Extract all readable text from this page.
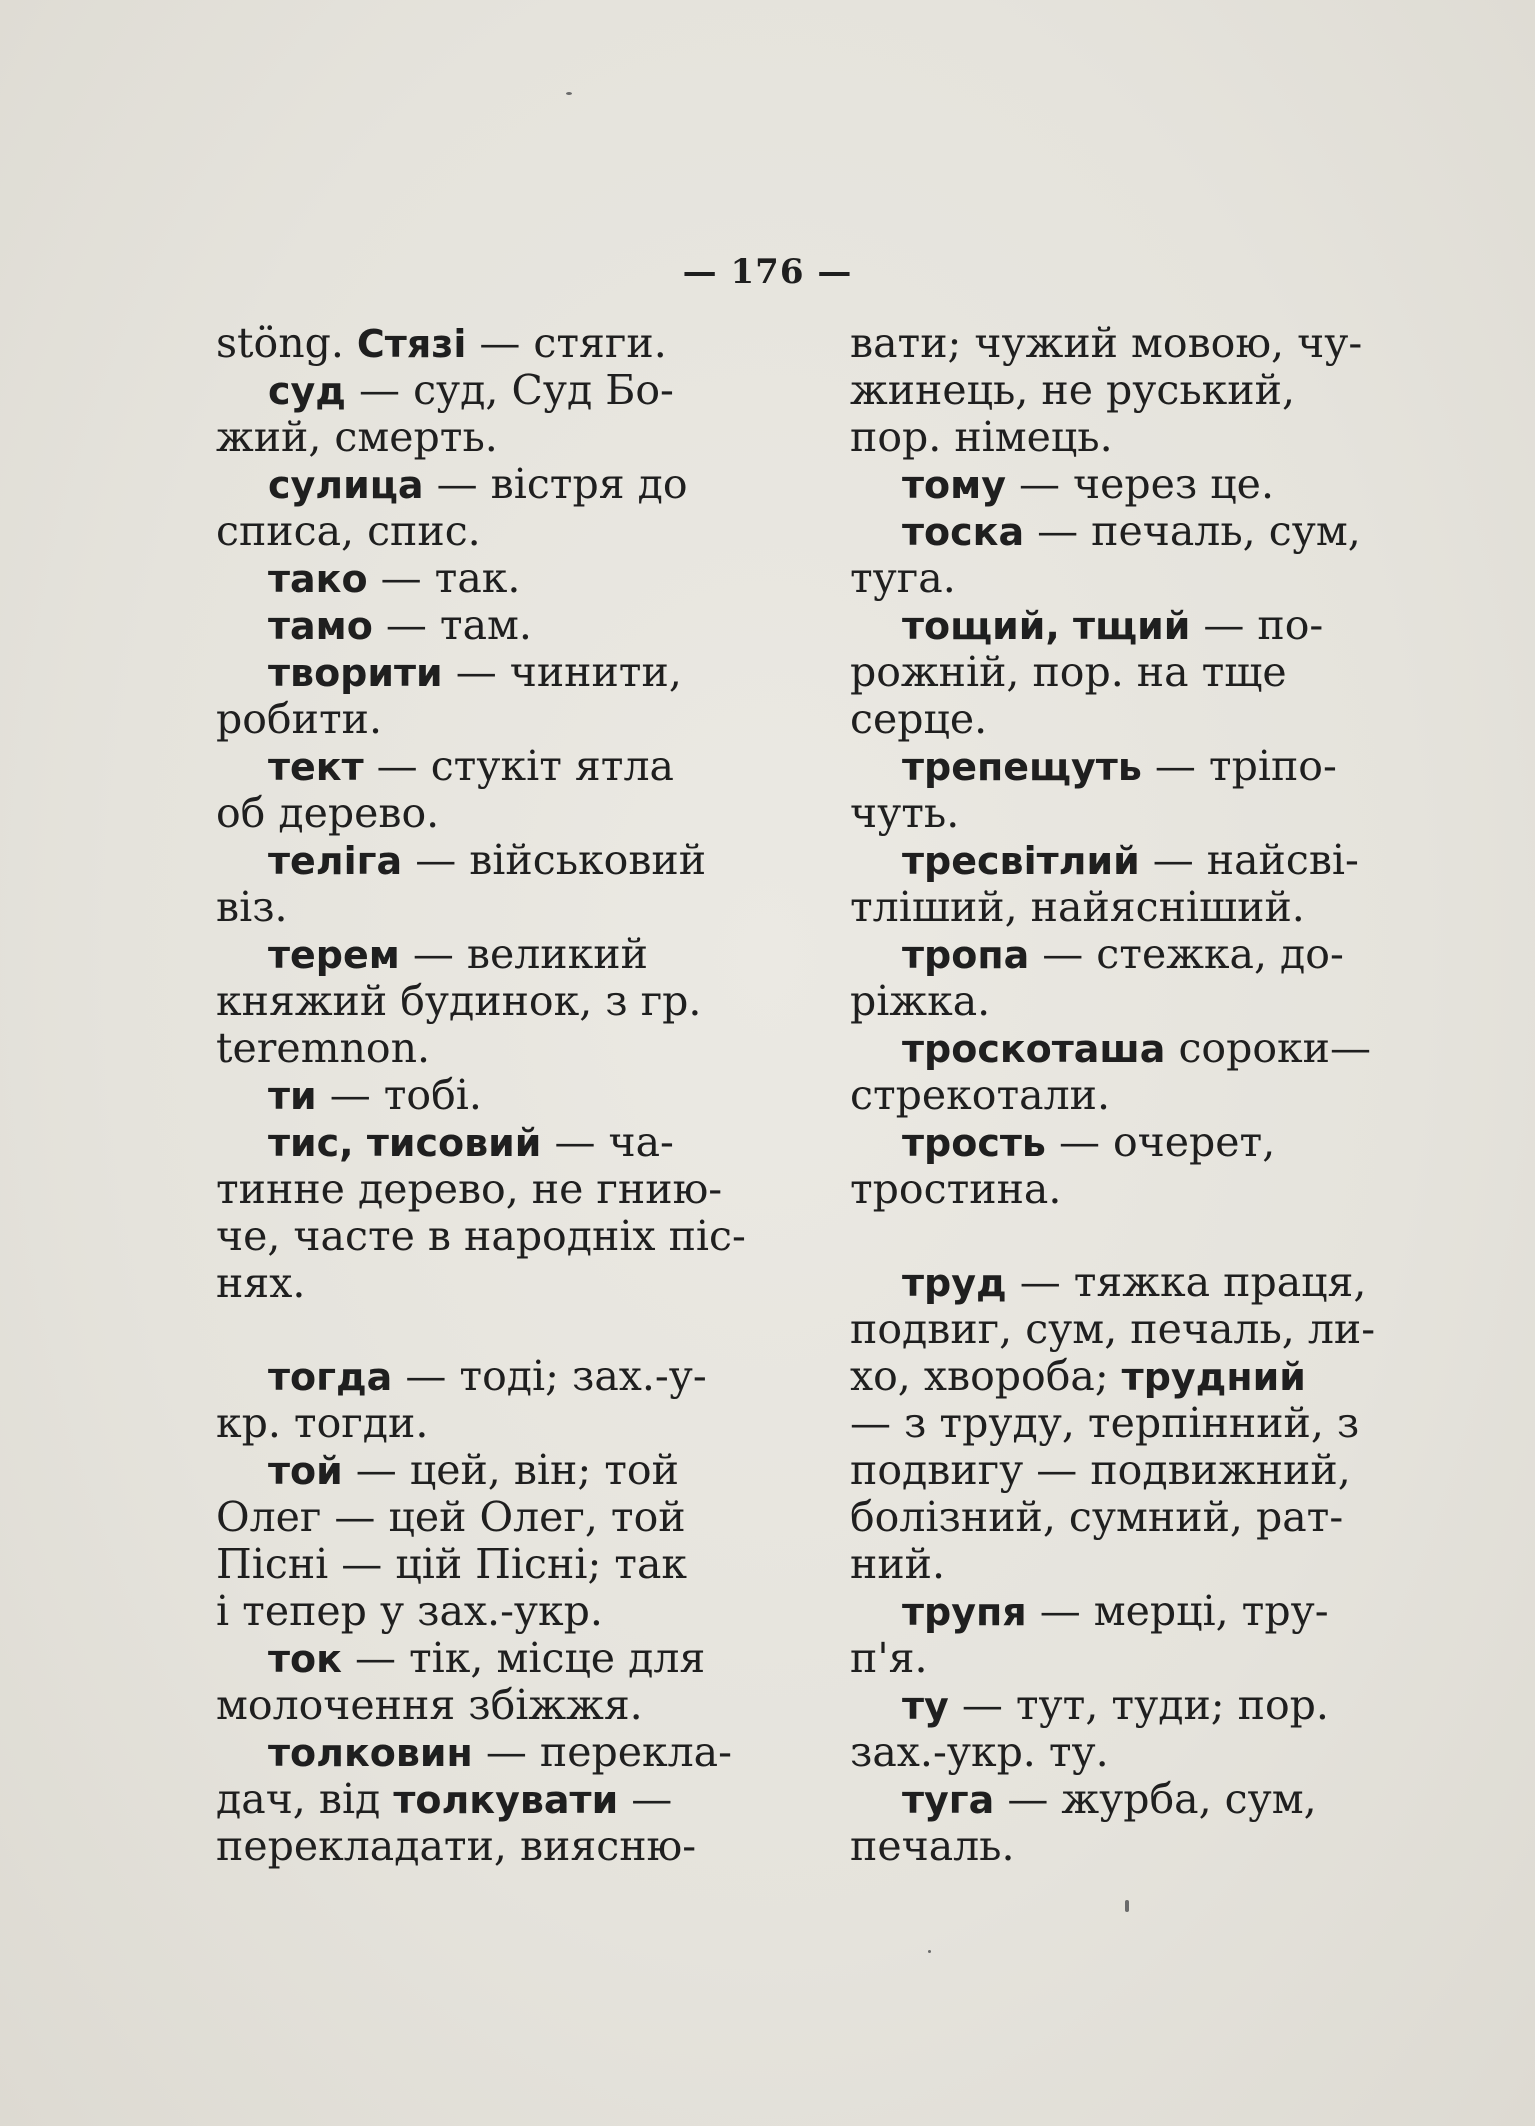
— 176 —
stöng. Стязі — стяги.
суд — суд, Суд Бо-
жий, смерть.
сулица — вістря до
списа, спис.
тако — так.
тамо — там.
творити — чинити,
робити.
тект — стукіт ятла
об дерево.
теліга — військовий
віз.
терем — великий
княжий будинок, з гр.
teremnon.
ти — тобі.
тис, тисовий — ча-
тинне дерево, не гнию-
че, часте в народніх піс-
нях.
тогда — тоді; зах.-у-
кр. тогди.
той — цей, він; той
Олег — цей Олег, той
Пісні — цій Пісні; так
і тепер у зах.-укр.
ток — тік, місце для
молочення збіжжя.
толковин — перекла-
дач, від толкувати —
перекладати, виясню-
вати; чужий мовою, чу-
жинець, не руський,
пор. німець.
тому — через це.
тоска — печаль, сум,
туга.
тощий, тщий — по-
рожній, пор. на тще
серце.
трепещуть — тріпо-
чуть.
тресвітлий — найсві-
тліший, найясніший.
тропа — стежка, до-
ріжка.
троскоташа сороки—
стрекотали.
трость — очерет,
тростина.
труд — тяжка праця,
подвиг, сум, печаль, ли-
хо, хвороба; трудний
— з труду, терпінний, з
подвигу — подвижний,
болізний, сумний, рат-
ний.
трупя — мерці, тру-
п'я.
ту — тут, туди; пор.
зах.-укр. ту.
туга — журба, сум,
печаль.
